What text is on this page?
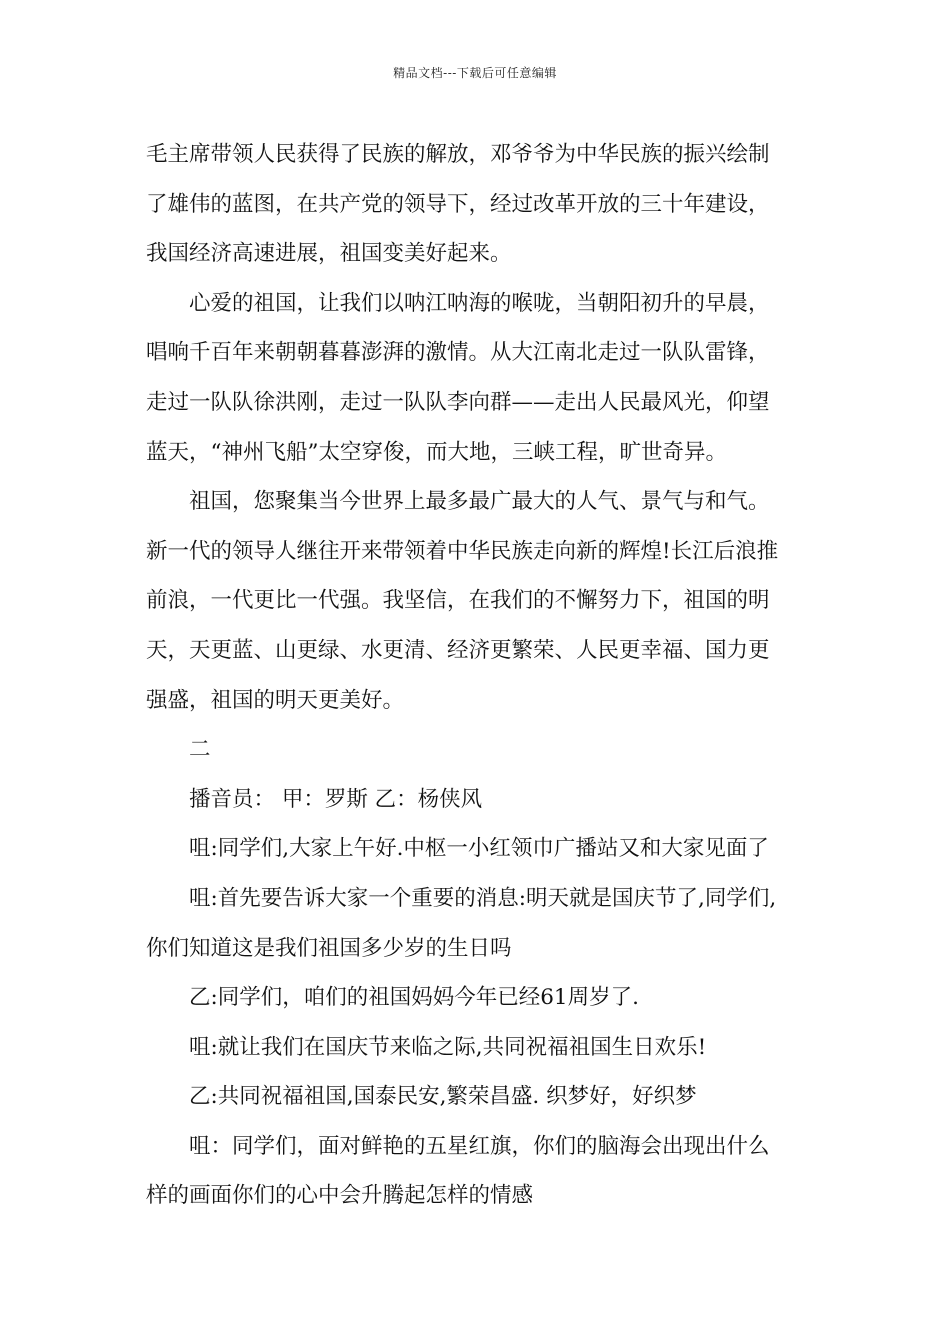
精品文档---下载后可任意编辑
毛主席带领人民获得了民族的解放，邓爷爷为中华民族的振兴绘制
了雄伟的蓝图，在共产党的领导下，经过改革开放的三十年建设，
我国经济高速进展，祖国变美好起来。
心爱的祖国，让我们以呐江呐海的喉咙，当朝阳初升的早晨，
唱响千百年来朝朝暮暮澎湃的激情。从大江南北走过一队队雷锋，
走过一队队徐洪刚，走过一队队李向群——走出人民最风光，仰望
蓝天，“神州飞船”太空穿俊，而大地，三峡工程，旷世奇异。
祖国，您聚集当今世界上最多最广最大的人气、景气与和气。
新一代的领导人继往开来带领着中华民族走向新的辉煌!长江后浪推
前浪，一代更比一代强。我坚信，在我们的不懈努力下，祖国的明
天，天更蓝、山更绿、水更清、经济更繁荣、人民更幸福、国力更
强盛，祖国的明天更美好。
二
播音员： 甲：罗斯 乙：杨侠风
咀:同学们,大家上午好.中枢一小红领巾广播站又和大家见面了
咀:首先要告诉大家一个重要的消息:明天就是国庆节了,同学们,
你们知道这是我们祖国多少岁的生日吗
乙:同学们，咱们的祖国妈妈今年已经61周岁了.
咀:就让我们在国庆节来临之际,共同祝福祖国生日欢乐!
乙:共同祝福祖国,国泰民安,繁荣昌盛. 织梦好，好织梦
咀：同学们，面对鲜艳的五星红旗，你们的脑海会出现出什么
样的画面你们的心中会升腾起怎样的情感
